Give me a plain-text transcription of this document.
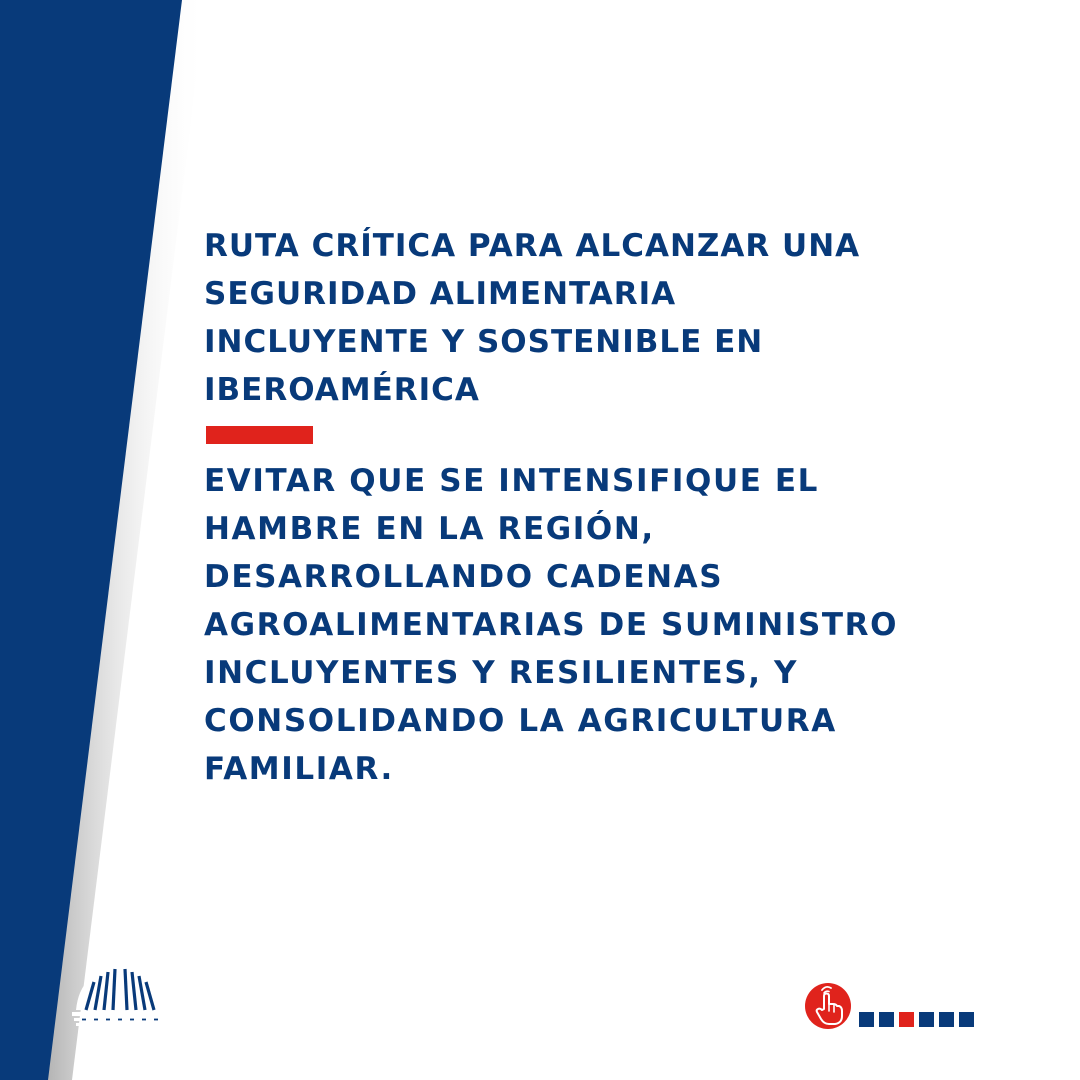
RUTA CRÍTICA PARA ALCANZAR UNA
SEGURIDAD ALIMENTARIA
INCLUYENTE Y SOSTENIBLE EN
IBEROAMÉRICA

EVITAR QUE SE INTENSIFIQUE EL
HAMBRE EN LA REGIÓN,
DESARROLLANDO CADENAS
AGROALIMENTARIAS DE SUMINISTRO
INCLUYENTES Y RESILIENTES, Y
CONSOLIDANDO LA AGRICULTURA
FAMILIAR.
